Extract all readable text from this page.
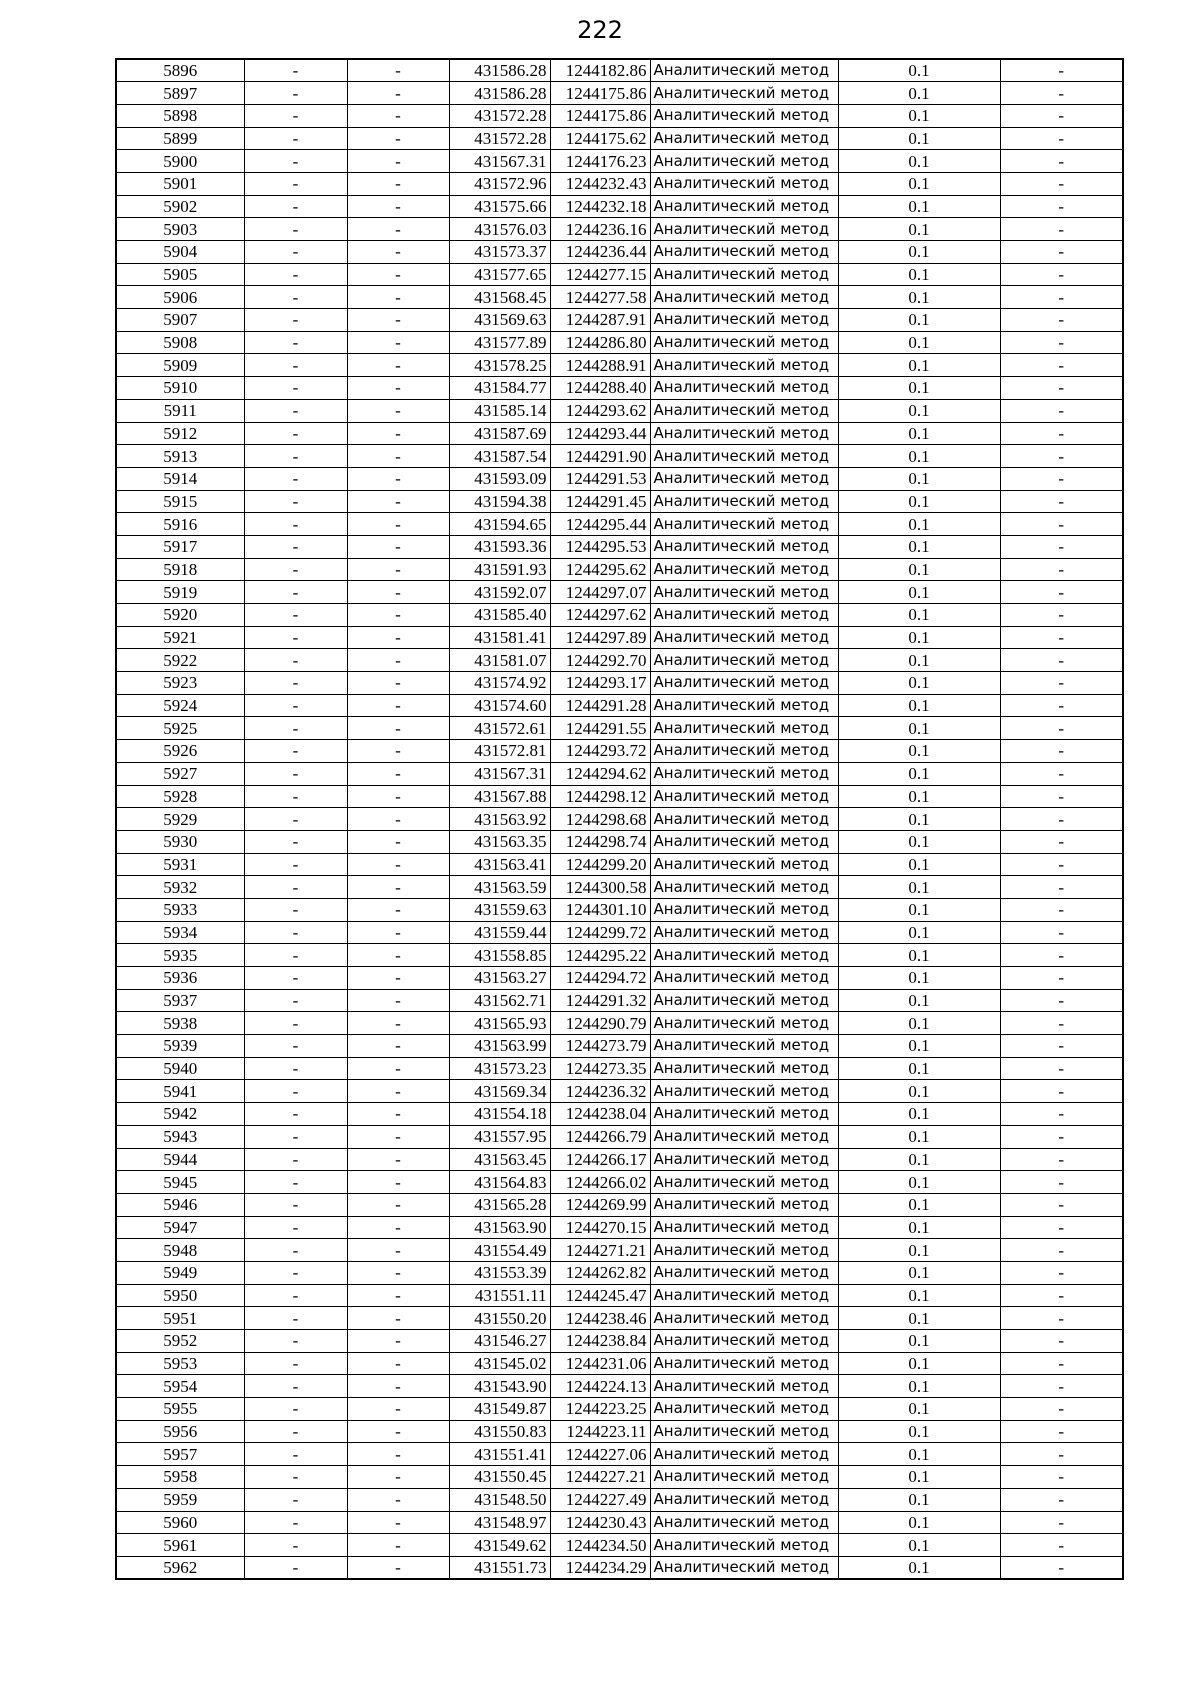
222
5896	-	-	431586.28	1244182.86	Аналитический метод	0.1	-
5897	-	-	431586.28	1244175.86	Аналитический метод	0.1	-
5898	-	-	431572.28	1244175.86	Аналитический метод	0.1	-
5899	-	-	431572.28	1244175.62	Аналитический метод	0.1	-
5900	-	-	431567.31	1244176.23	Аналитический метод	0.1	-
5901	-	-	431572.96	1244232.43	Аналитический метод	0.1	-
5902	-	-	431575.66	1244232.18	Аналитический метод	0.1	-
5903	-	-	431576.03	1244236.16	Аналитический метод	0.1	-
5904	-	-	431573.37	1244236.44	Аналитический метод	0.1	-
5905	-	-	431577.65	1244277.15	Аналитический метод	0.1	-
5906	-	-	431568.45	1244277.58	Аналитический метод	0.1	-
5907	-	-	431569.63	1244287.91	Аналитический метод	0.1	-
5908	-	-	431577.89	1244286.80	Аналитический метод	0.1	-
5909	-	-	431578.25	1244288.91	Аналитический метод	0.1	-
5910	-	-	431584.77	1244288.40	Аналитический метод	0.1	-
5911	-	-	431585.14	1244293.62	Аналитический метод	0.1	-
5912	-	-	431587.69	1244293.44	Аналитический метод	0.1	-
5913	-	-	431587.54	1244291.90	Аналитический метод	0.1	-
5914	-	-	431593.09	1244291.53	Аналитический метод	0.1	-
5915	-	-	431594.38	1244291.45	Аналитический метод	0.1	-
5916	-	-	431594.65	1244295.44	Аналитический метод	0.1	-
5917	-	-	431593.36	1244295.53	Аналитический метод	0.1	-
5918	-	-	431591.93	1244295.62	Аналитический метод	0.1	-
5919	-	-	431592.07	1244297.07	Аналитический метод	0.1	-
5920	-	-	431585.40	1244297.62	Аналитический метод	0.1	-
5921	-	-	431581.41	1244297.89	Аналитический метод	0.1	-
5922	-	-	431581.07	1244292.70	Аналитический метод	0.1	-
5923	-	-	431574.92	1244293.17	Аналитический метод	0.1	-
5924	-	-	431574.60	1244291.28	Аналитический метод	0.1	-
5925	-	-	431572.61	1244291.55	Аналитический метод	0.1	-
5926	-	-	431572.81	1244293.72	Аналитический метод	0.1	-
5927	-	-	431567.31	1244294.62	Аналитический метод	0.1	-
5928	-	-	431567.88	1244298.12	Аналитический метод	0.1	-
5929	-	-	431563.92	1244298.68	Аналитический метод	0.1	-
5930	-	-	431563.35	1244298.74	Аналитический метод	0.1	-
5931	-	-	431563.41	1244299.20	Аналитический метод	0.1	-
5932	-	-	431563.59	1244300.58	Аналитический метод	0.1	-
5933	-	-	431559.63	1244301.10	Аналитический метод	0.1	-
5934	-	-	431559.44	1244299.72	Аналитический метод	0.1	-
5935	-	-	431558.85	1244295.22	Аналитический метод	0.1	-
5936	-	-	431563.27	1244294.72	Аналитический метод	0.1	-
5937	-	-	431562.71	1244291.32	Аналитический метод	0.1	-
5938	-	-	431565.93	1244290.79	Аналитический метод	0.1	-
5939	-	-	431563.99	1244273.79	Аналитический метод	0.1	-
5940	-	-	431573.23	1244273.35	Аналитический метод	0.1	-
5941	-	-	431569.34	1244236.32	Аналитический метод	0.1	-
5942	-	-	431554.18	1244238.04	Аналитический метод	0.1	-
5943	-	-	431557.95	1244266.79	Аналитический метод	0.1	-
5944	-	-	431563.45	1244266.17	Аналитический метод	0.1	-
5945	-	-	431564.83	1244266.02	Аналитический метод	0.1	-
5946	-	-	431565.28	1244269.99	Аналитический метод	0.1	-
5947	-	-	431563.90	1244270.15	Аналитический метод	0.1	-
5948	-	-	431554.49	1244271.21	Аналитический метод	0.1	-
5949	-	-	431553.39	1244262.82	Аналитический метод	0.1	-
5950	-	-	431551.11	1244245.47	Аналитический метод	0.1	-
5951	-	-	431550.20	1244238.46	Аналитический метод	0.1	-
5952	-	-	431546.27	1244238.84	Аналитический метод	0.1	-
5953	-	-	431545.02	1244231.06	Аналитический метод	0.1	-
5954	-	-	431543.90	1244224.13	Аналитический метод	0.1	-
5955	-	-	431549.87	1244223.25	Аналитический метод	0.1	-
5956	-	-	431550.83	1244223.11	Аналитический метод	0.1	-
5957	-	-	431551.41	1244227.06	Аналитический метод	0.1	-
5958	-	-	431550.45	1244227.21	Аналитический метод	0.1	-
5959	-	-	431548.50	1244227.49	Аналитический метод	0.1	-
5960	-	-	431548.97	1244230.43	Аналитический метод	0.1	-
5961	-	-	431549.62	1244234.50	Аналитический метод	0.1	-
5962	-	-	431551.73	1244234.29	Аналитический метод	0.1	-
